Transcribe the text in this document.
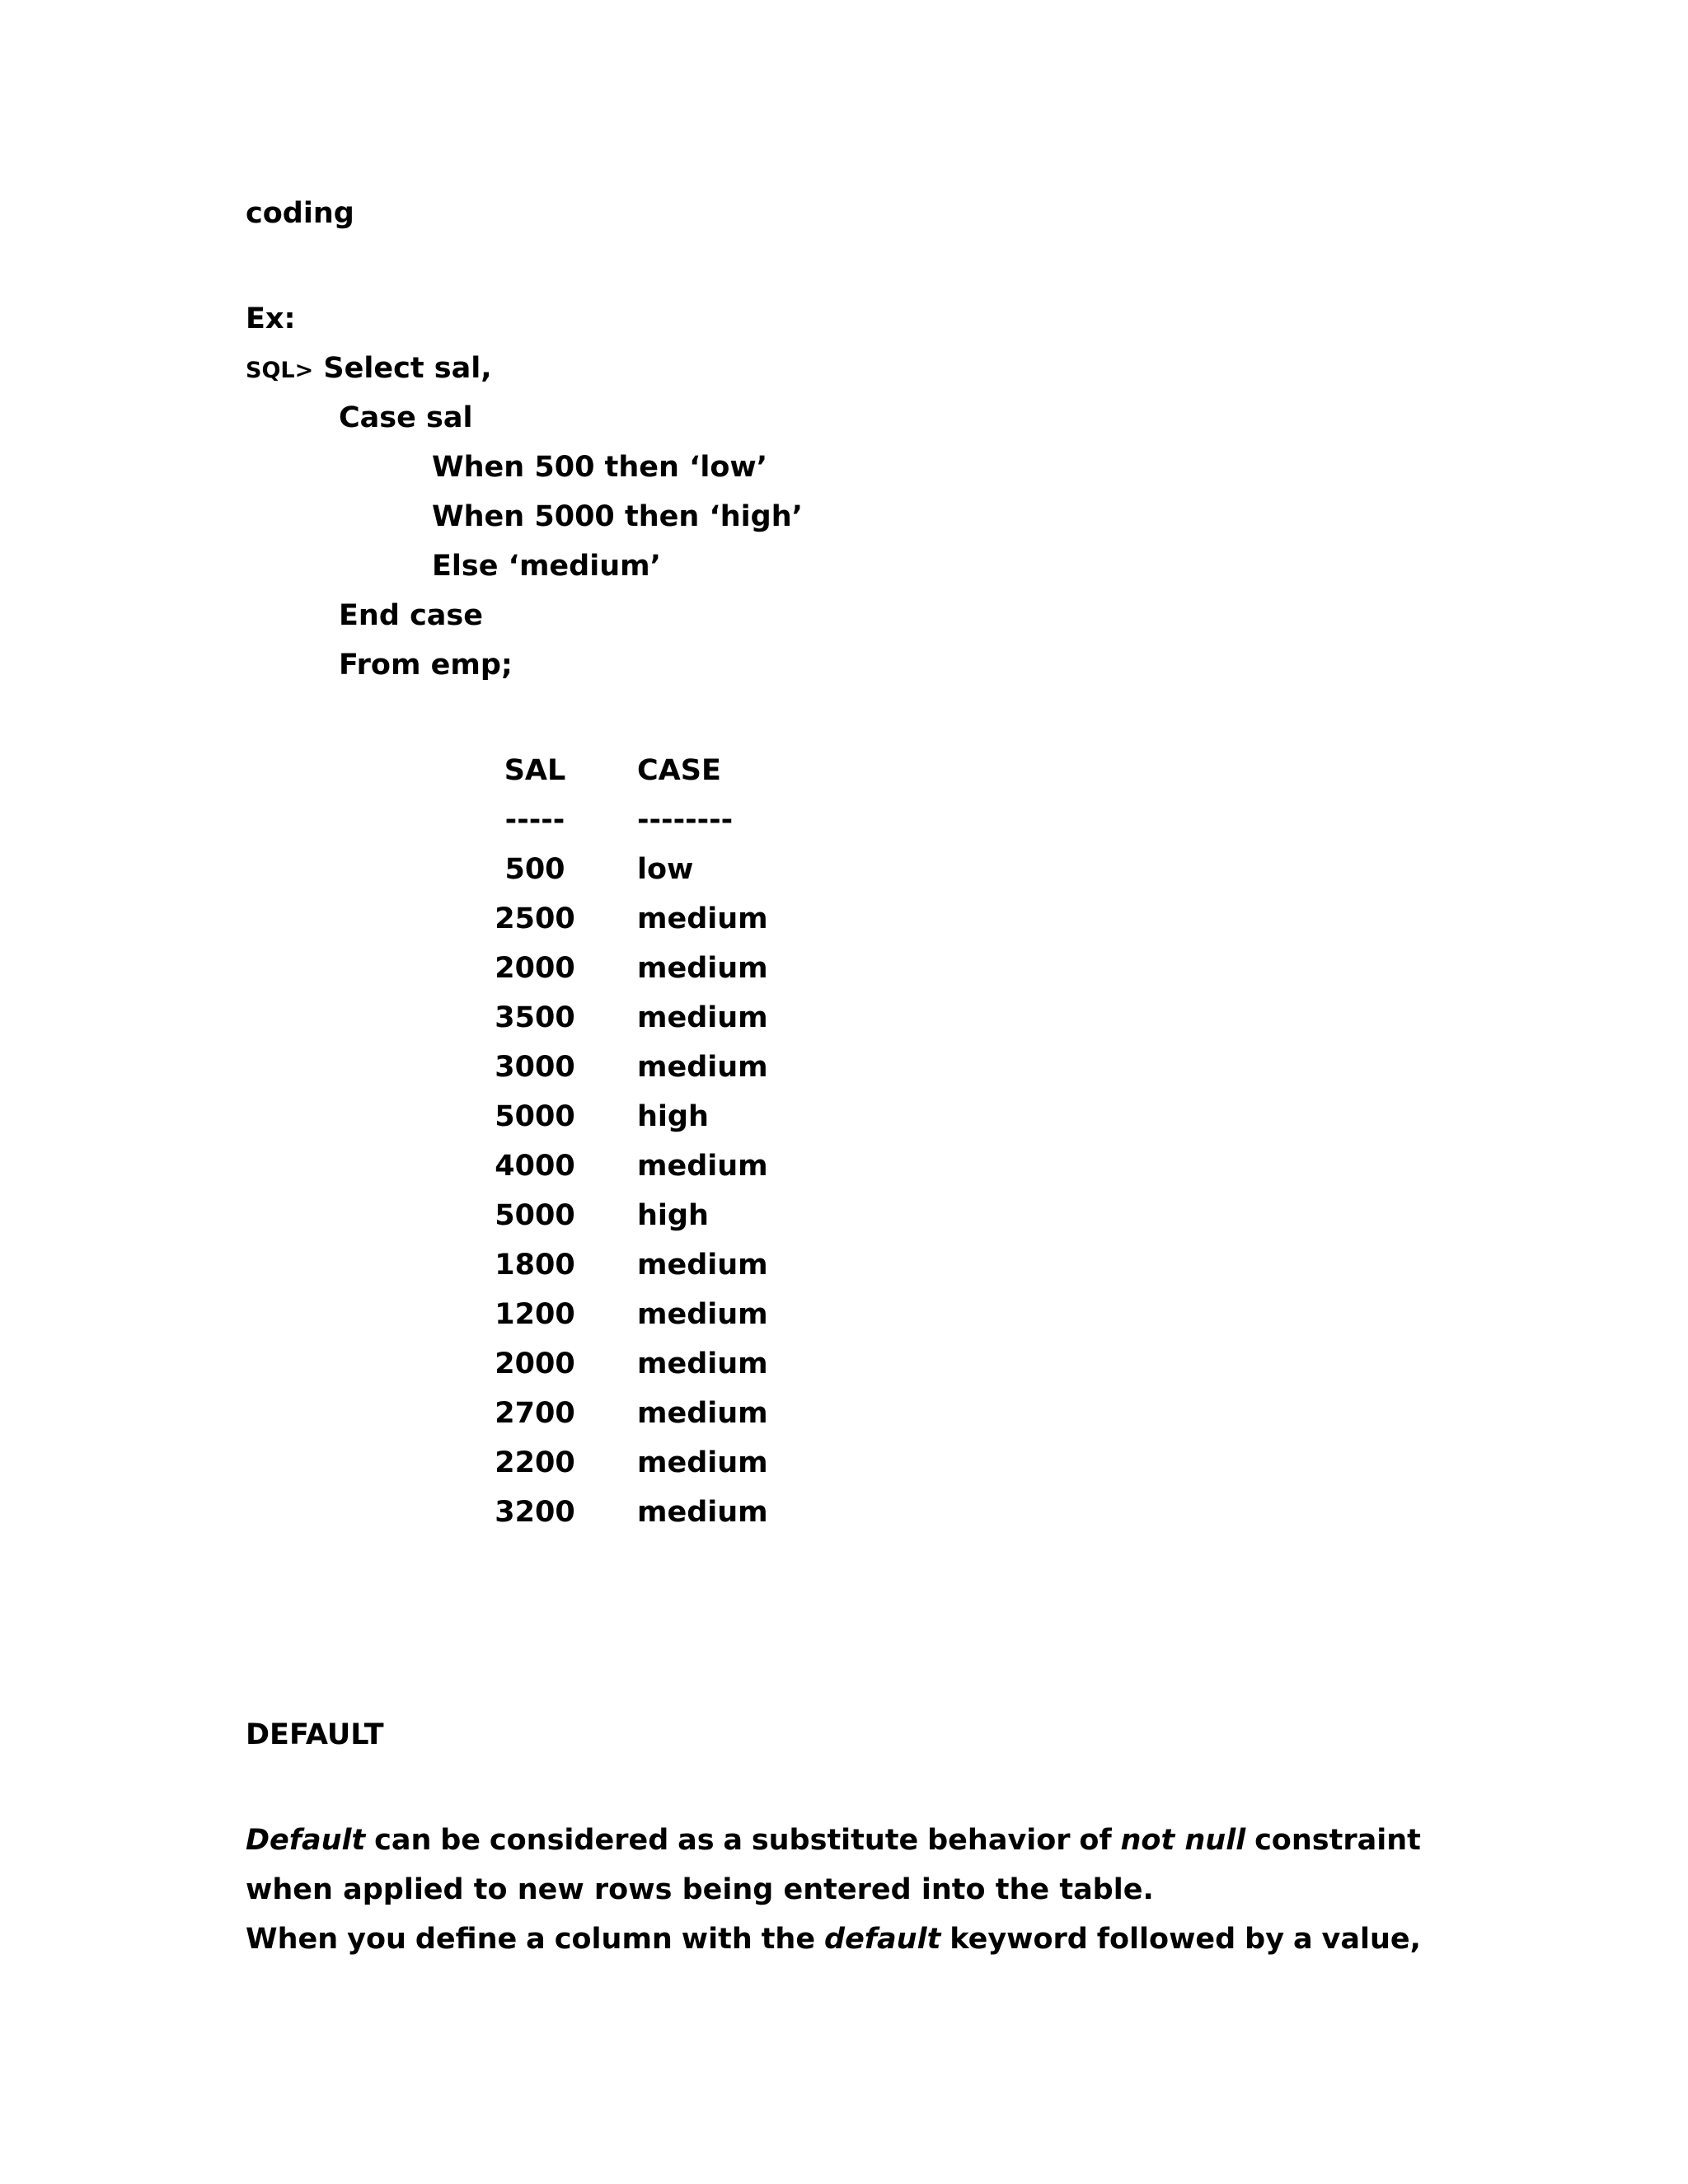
coding
Ex:
SQL> Select sal,
Case sal
When 500 then ‘low’
When 5000 then ‘high’
Else ‘medium’
End case
From emp;
SAL	CASE
-----	--------
500	low
2500	medium
2000	medium
3500	medium
3000	medium
5000	high
4000	medium
5000	high
1800	medium
1200	medium
2000	medium
2700	medium
2200	medium
3200	medium
DEFAULT
Default can be considered as a substitute behavior of not null constraint
when applied to new rows being entered into the table.
When you define a column with the default keyword followed by a value,
